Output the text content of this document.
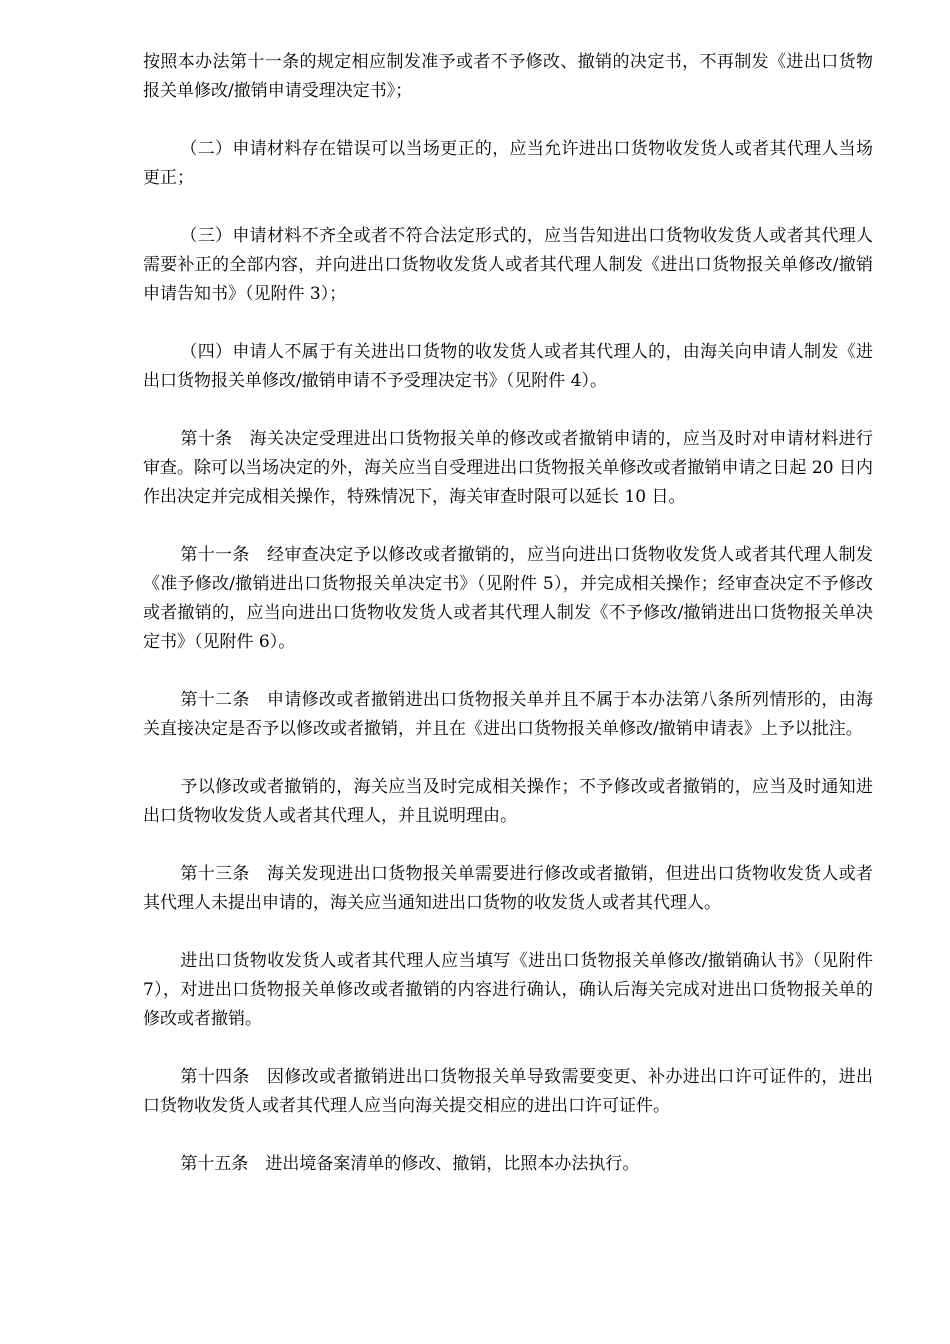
按照本办法第十一条的规定相应制发准予或者不予修改、撤销的决定书，不再制发《进出口货物报关单修改/撤销申请受理决定书》；

（二）申请材料存在错误可以当场更正的，应当允许进出口货物收发货人或者其代理人当场更正；

（三）申请材料不齐全或者不符合法定形式的，应当告知进出口货物收发货人或者其代理人需要补正的全部内容，并向进出口货物收发货人或者其代理人制发《进出口货物报关单修改/撤销申请告知书》（见附件 3）；

（四）申请人不属于有关进出口货物的收发货人或者其代理人的，由海关向申请人制发《进出口货物报关单修改/撤销申请不予受理决定书》（见附件 4）。

第十条　海关决定受理进出口货物报关单的修改或者撤销申请的，应当及时对申请材料进行审查。除可以当场决定的外，海关应当自受理进出口货物报关单修改或者撤销申请之日起 20 日内作出决定并完成相关操作，特殊情况下，海关审查时限可以延长 10 日。

第十一条　经审查决定予以修改或者撤销的，应当向进出口货物收发货人或者其代理人制发《准予修改/撤销进出口货物报关单决定书》（见附件 5），并完成相关操作；经审查决定不予修改或者撤销的，应当向进出口货物收发货人或者其代理人制发《不予修改/撤销进出口货物报关单决定书》（见附件 6）。

第十二条　申请修改或者撤销进出口货物报关单并且不属于本办法第八条所列情形的，由海关直接决定是否予以修改或者撤销，并且在《进出口货物报关单修改/撤销申请表》上予以批注。

予以修改或者撤销的，海关应当及时完成相关操作；不予修改或者撤销的，应当及时通知进出口货物收发货人或者其代理人，并且说明理由。

第十三条　海关发现进出口货物报关单需要进行修改或者撤销，但进出口货物收发货人或者其代理人未提出申请的，海关应当通知进出口货物的收发货人或者其代理人。

进出口货物收发货人或者其代理人应当填写《进出口货物报关单修改/撤销确认书》（见附件 7），对进出口货物报关单修改或者撤销的内容进行确认，确认后海关完成对进出口货物报关单的修改或者撤销。

第十四条　因修改或者撤销进出口货物报关单导致需要变更、补办进出口许可证件的，进出口货物收发货人或者其代理人应当向海关提交相应的进出口许可证件。

第十五条　进出境备案清单的修改、撤销，比照本办法执行。
